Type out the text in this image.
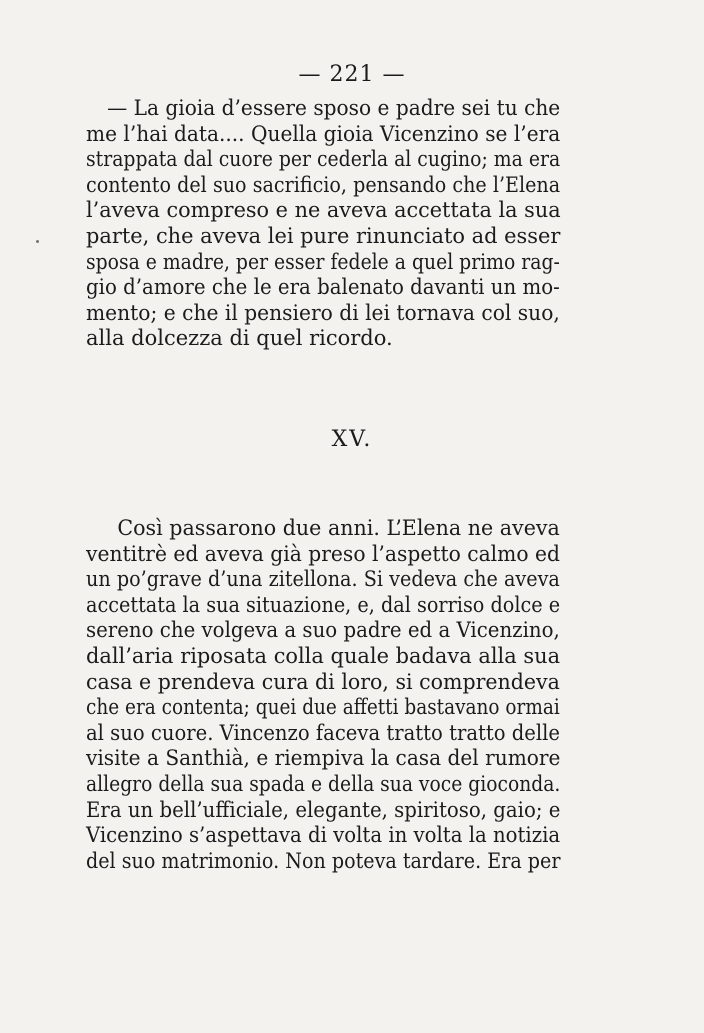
— 221 —
— La gioia d’essere sposo e padre sei tu che
me l’hai data.... Quella gioia Vicenzino se l’era
strappata dal cuore per cederla al cugino; ma era
contento del suo sacrificio, pensando che l’Elena
l’aveva compreso e ne aveva accettata la sua
parte, che aveva lei pure rinunciato ad esser
sposa e madre, per esser fedele a quel primo rag-
gio d’amore che le era balenato davanti un mo-
mento; e che il pensiero di lei tornava col suo,
alla dolcezza di quel ricordo.
XV.
Così passarono due anni. L’Elena ne aveva
ventitrè ed aveva già preso l’aspetto calmo ed
un po’grave d’una zitellona. Si vedeva che aveva
accettata la sua situazione, e, dal sorriso dolce e
sereno che volgeva a suo padre ed a Vicenzino,
dall’aria riposata colla quale badava alla sua
casa e prendeva cura di loro, si comprendeva
che era contenta; quei due affetti bastavano ormai
al suo cuore. Vincenzo faceva tratto tratto delle
visite a Santhià, e riempiva la casa del rumore
allegro della sua spada e della sua voce gioconda.
Era un bell’ufficiale, elegante, spiritoso, gaio; e
Vicenzino s’aspettava di volta in volta la notizia
del suo matrimonio. Non poteva tardare. Era per
